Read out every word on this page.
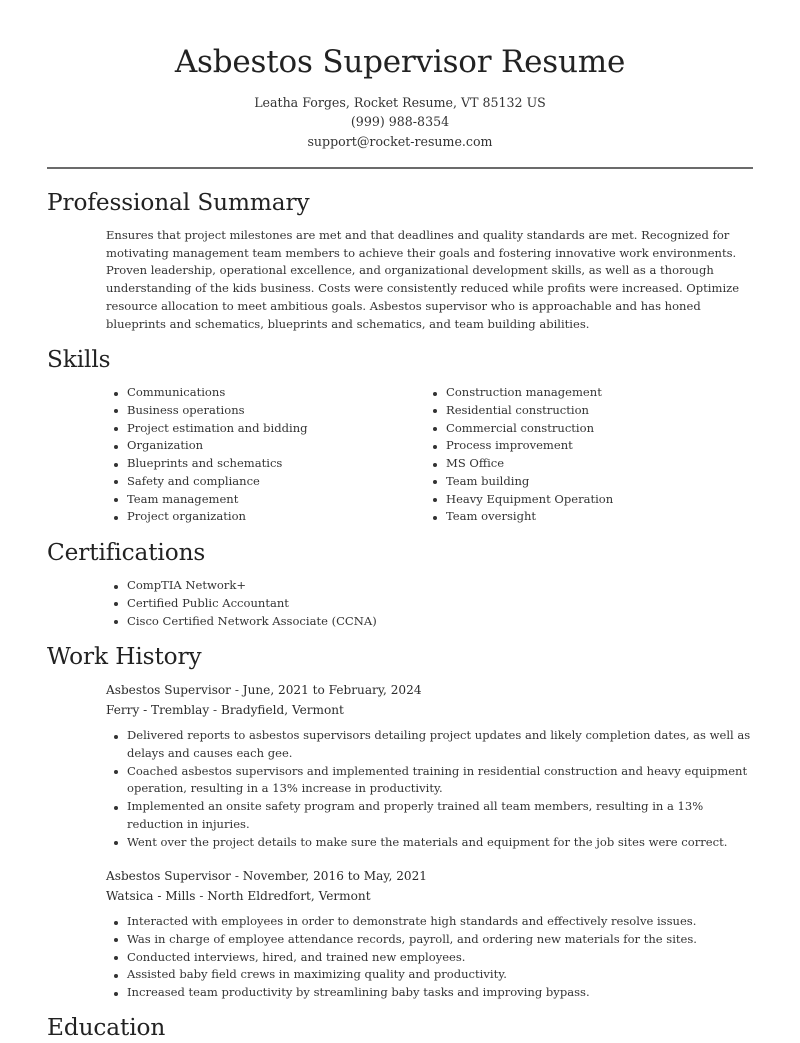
Asbestos Supervisor Resume
Leatha Forges, Rocket Resume, VT 85132 US
(999) 988-8354
support@rocket-resume.com
Professional Summary

Ensures that project milestones are met and that deadlines and quality standards are met. Recognized for motivating management team members to achieve their goals and fostering innovative work environments. Proven leadership, operational excellence, and organizational development skills, as well as a thorough understanding of the kids business. Costs were consistently reduced while profits were increased. Optimize resource allocation to meet ambitious goals. Asbestos supervisor who is approachable and has honed blueprints and schematics, blueprints and schematics, and team building abilities.

Skills
Communications
Business operations
Project estimation and bidding
Organization
Blueprints and schematics
Safety and compliance
Team management
Project organization
Construction management
Residential construction
Commercial construction
Process improvement
MS Office
Team building
Heavy Equipment Operation
Team oversight
Certifications
CompTIA Network+
Certified Public Accountant
Cisco Certified Network Associate (CCNA)
Work History
Asbestos Supervisor - June, 2021 to February, 2024
Ferry - Tremblay - Bradyfield, Vermont
Delivered reports to asbestos supervisors detailing project updates and likely completion dates, as well as delays and causes each gee.
Coached asbestos supervisors and implemented training in residential construction and heavy equipment operation, resulting in a 13% increase in productivity.
Implemented an onsite safety program and properly trained all team members, resulting in a 13% reduction in injuries.
Went over the project details to make sure the materials and equipment for the job sites were correct.
Asbestos Supervisor - November, 2016 to May, 2021
Watsica - Mills - North Eldredfort, Vermont
Interacted with employees in order to demonstrate high standards and effectively resolve issues.
Was in charge of employee attendance records, payroll, and ordering new materials for the sites.
Conducted interviews, hired, and trained new employees.
Assisted baby field crews in maximizing quality and productivity.
Increased team productivity by streamlining baby tasks and improving bypass.
Education
